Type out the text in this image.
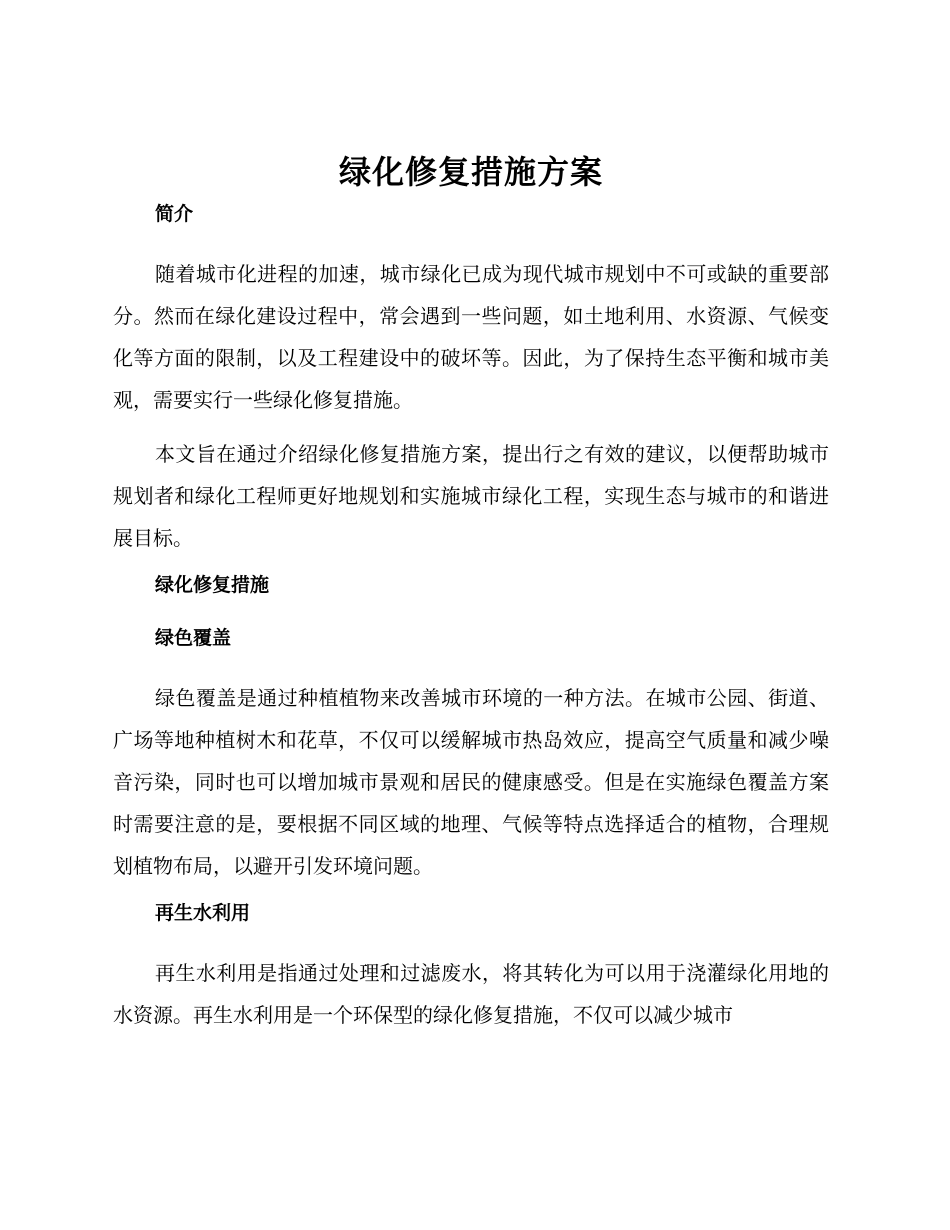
绿化修复措施方案
简介

随着城市化进程的加速，城市绿化已成为现代城市规划中不可或缺的重要部分。然而在绿化建设过程中，常会遇到一些问题，如土地利用、水资源、气候变化等方面的限制，以及工程建设中的破坏等。因此，为了保持生态平衡和城市美观，需要实行一些绿化修复措施。

本文旨在通过介绍绿化修复措施方案，提出行之有效的建议，以便帮助城市规划者和绿化工程师更好地规划和实施城市绿化工程，实现生态与城市的和谐进展目标。

绿化修复措施
绿色覆盖

绿色覆盖是通过种植植物来改善城市环境的一种方法。在城市公园、街道、广场等地种植树木和花草，不仅可以缓解城市热岛效应，提高空气质量和减少噪音污染，同时也可以增加城市景观和居民的健康感受。但是在实施绿色覆盖方案时需要注意的是，要根据不同区域的地理、气候等特点选择适合的植物，合理规划植物布局，以避开引发环境问题。

再生水利用

再生水利用是指通过处理和过滤废水，将其转化为可以用于浇灌绿化用地的水资源。再生水利用是一个环保型的绿化修复措施，不仅可以减少城市
